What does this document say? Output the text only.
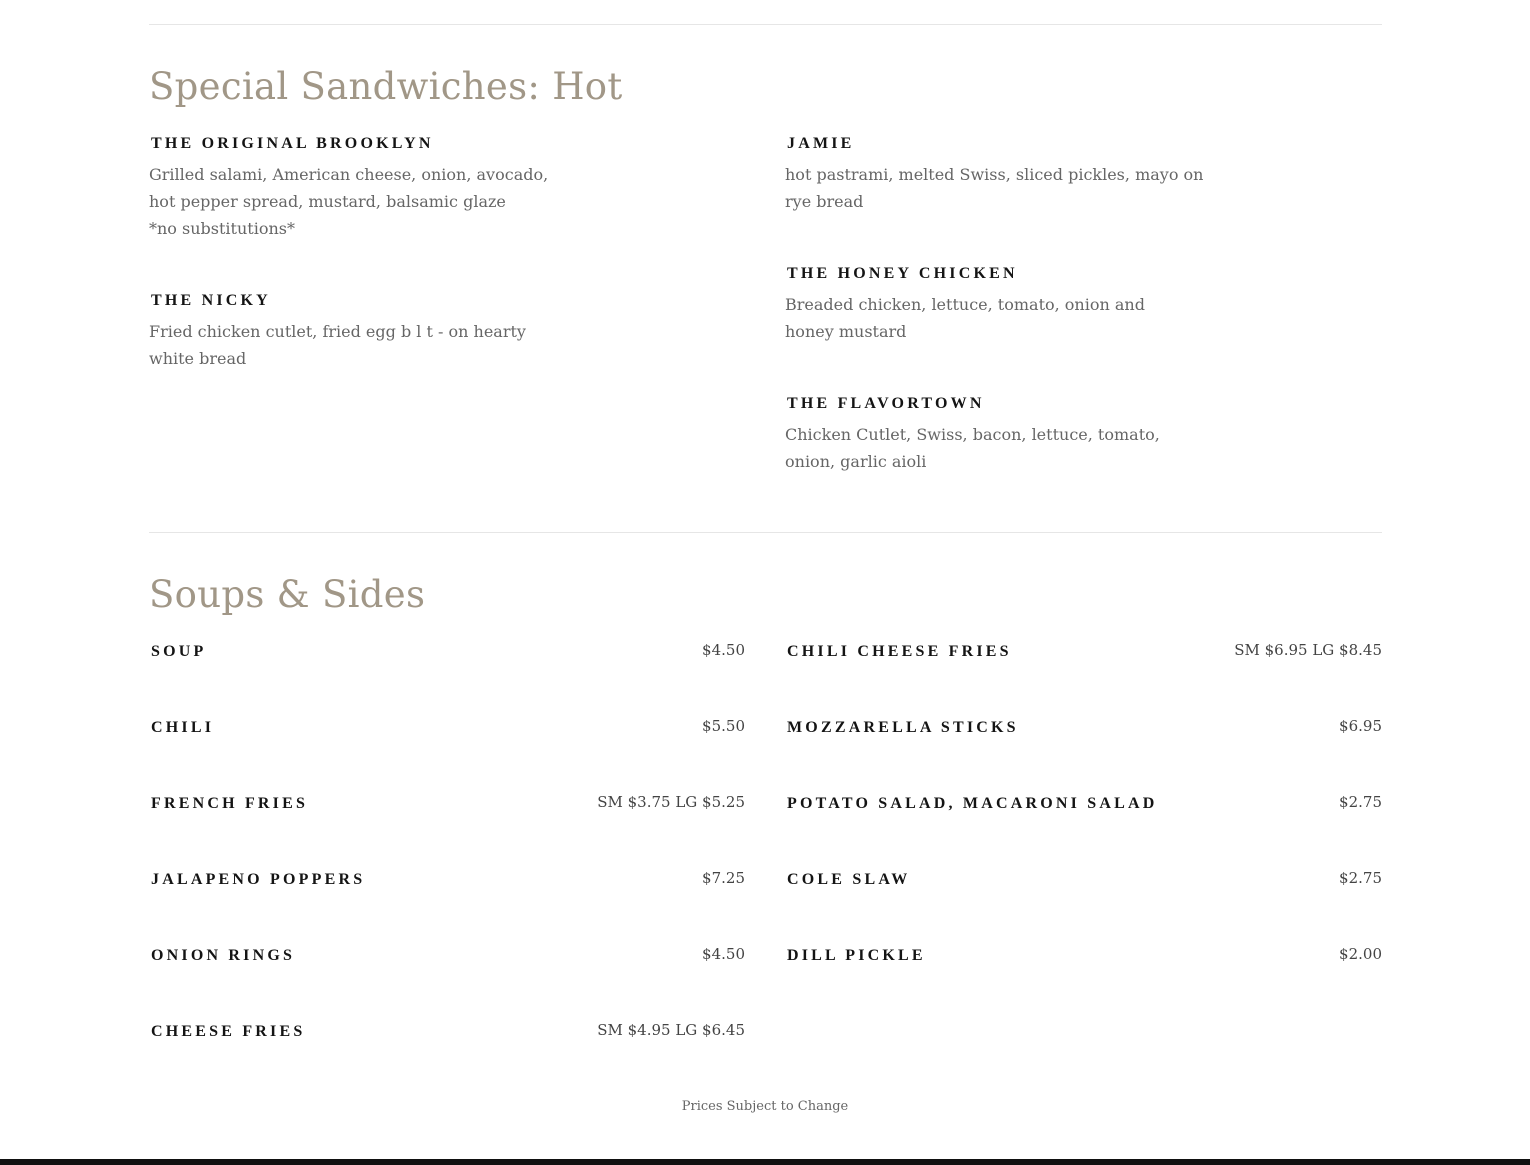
Special Sandwiches: Hot
THE ORIGINAL BROOKLYN
Grilled salami, American cheese, onion, avocado,
hot pepper spread, mustard, balsamic glaze
*no substitutions*
THE NICKY
Fried chicken cutlet, fried egg b l t - on hearty
white bread
JAMIE
hot pastrami, melted Swiss, sliced pickles, mayo on
rye bread
THE HONEY CHICKEN
Breaded chicken, lettuce, tomato, onion and
honey mustard
THE FLAVORTOWN
Chicken Cutlet, Swiss, bacon, lettuce, tomato,
onion, garlic aioli
Soups & Sides
SOUP	$4.50
CHILI	$5.50
FRENCH FRIES	SM $3.75 LG $5.25
JALAPENO POPPERS	$7.25
ONION RINGS	$4.50
CHEESE FRIES	SM $4.95 LG $6.45
CHILI CHEESE FRIES	SM $6.95 LG $8.45
MOZZARELLA STICKS	$6.95
POTATO SALAD, MACARONI SALAD	$2.75
COLE SLAW	$2.75
DILL PICKLE	$2.00
Prices Subject to Change
